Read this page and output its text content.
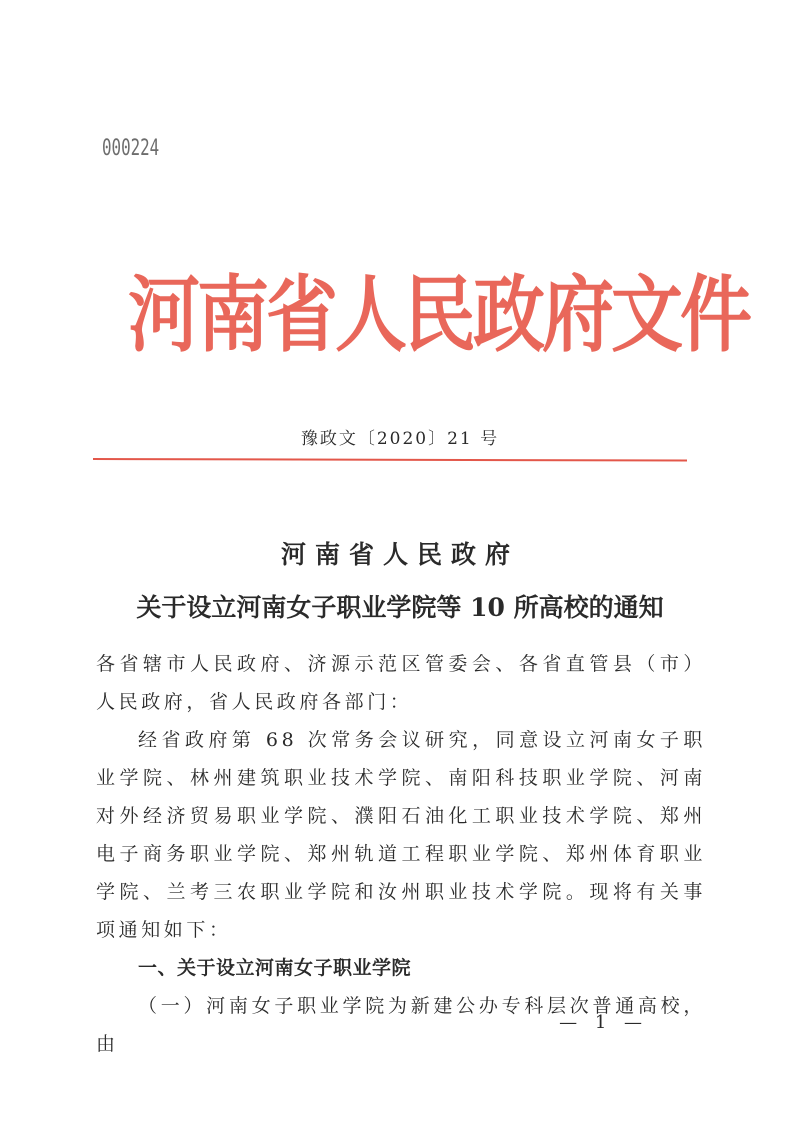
000224
河南省人民政府文件
豫政文〔2020〕21 号
河南省人民政府
关于设立河南女子职业学院等 10 所高校的通知

各省辖市人民政府、济源示范区管委会、各省直管县（市）人民政府，省人民政府各部门：

经省政府第 68 次常务会议研究，同意设立河南女子职业学院、林州建筑职业技术学院、南阳科技职业学院、河南对外经济贸易职业学院、濮阳石油化工职业技术学院、郑州电子商务职业学院、郑州轨道工程职业学院、郑州体育职业学院、兰考三农职业学院和汝州职业技术学院。现将有关事项通知如下：

一、关于设立河南女子职业学院

（一）河南女子职业学院为新建公办专科层次普通高校，由

— 1 —
